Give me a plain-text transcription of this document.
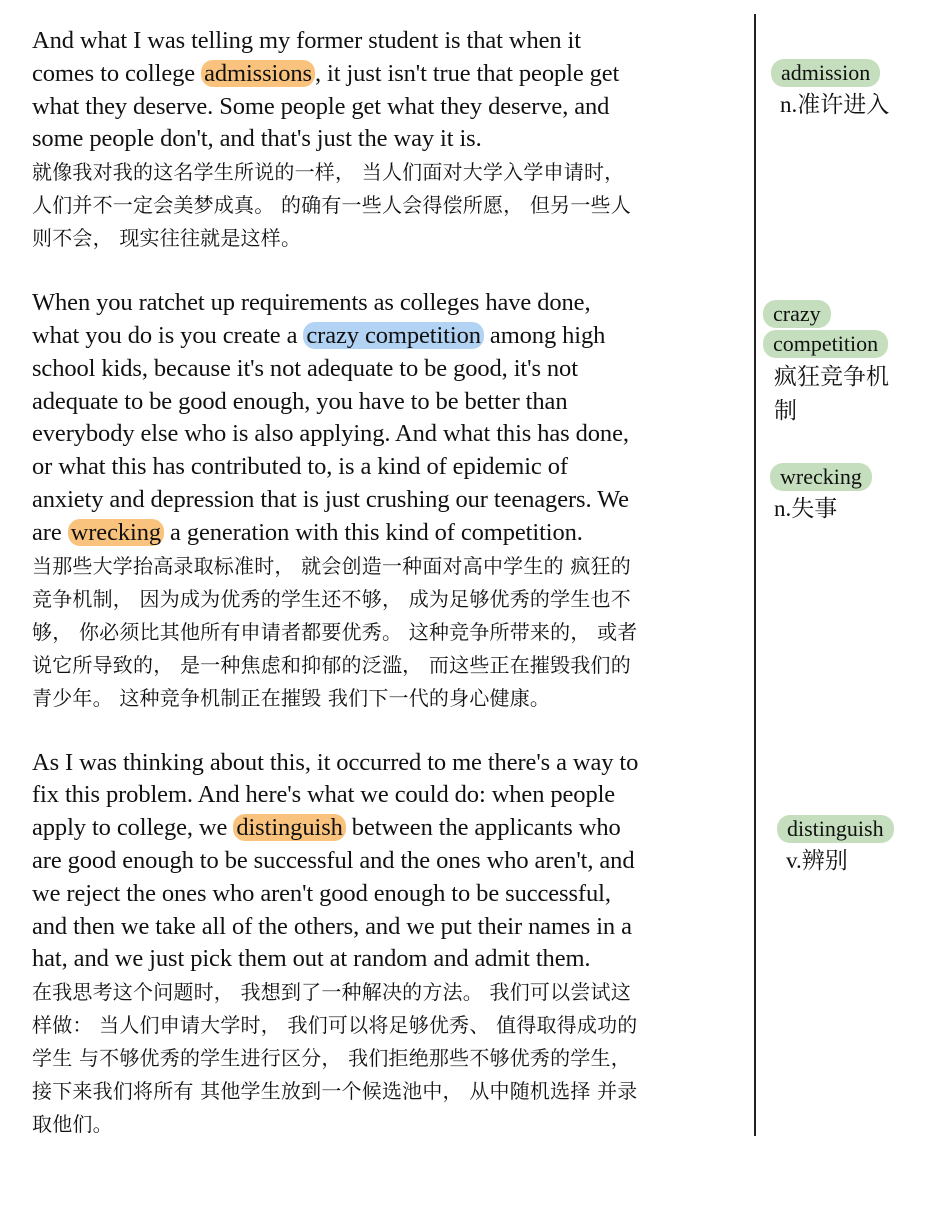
And what I was telling my former student is that when it
comes to college admissions , it just isn't true that people get
what they deserve. Some people get what they deserve, and
some people don't, and that's just the way it is.
就像我对我的这名学生所说的一样， 当人们面对大学入学申请时，
人们并不一定会美梦成真。 的确有一些人会得偿所愿， 但另一些人
则不会， 现实往往就是这样。
When you ratchet up requirements as colleges have done,
what you do is you create a crazy competition among high
school kids, because it's not adequate to be good, it's not
adequate to be good enough, you have to be better than
everybody else who is also applying. And what this has done,
or what this has contributed to, is a kind of epidemic of
anxiety and depression that is just crushing our teenagers. We
are wrecking a generation with this kind of competition.
当那些大学抬高录取标准时， 就会创造一种面对高中学生的 疯狂的
竞争机制， 因为成为优秀的学生还不够， 成为足够优秀的学生也不
够， 你必须比其他所有申请者都要优秀。 这种竞争所带来的， 或者
说它所导致的， 是一种焦虑和抑郁的泛滥， 而这些正在摧毁我们的
青少年。 这种竞争机制正在摧毁 我们下一代的身心健康。
As I was thinking about this, it occurred to me there's a way to
fix this problem. And here's what we could do: when people
apply to college, we distinguish between the applicants who
are good enough to be successful and the ones who aren't, and
we reject the ones who aren't good enough to be successful,
and then we take all of the others, and we put their names in a
hat, and we just pick them out at random and admit them.
在我思考这个问题时， 我想到了一种解决的方法。 我们可以尝试这
样做： 当人们申请大学时， 我们可以将足够优秀、 值得取得成功的
学生 与不够优秀的学生进行区分， 我们拒绝那些不够优秀的学生，
接下来我们将所有 其他学生放到一个候选池中， 从中随机选择 并录
取他们。
admission
n.准许进入
crazy
competition
疯狂竞争机
制
wrecking
n.失事
distinguish
v.辨别
